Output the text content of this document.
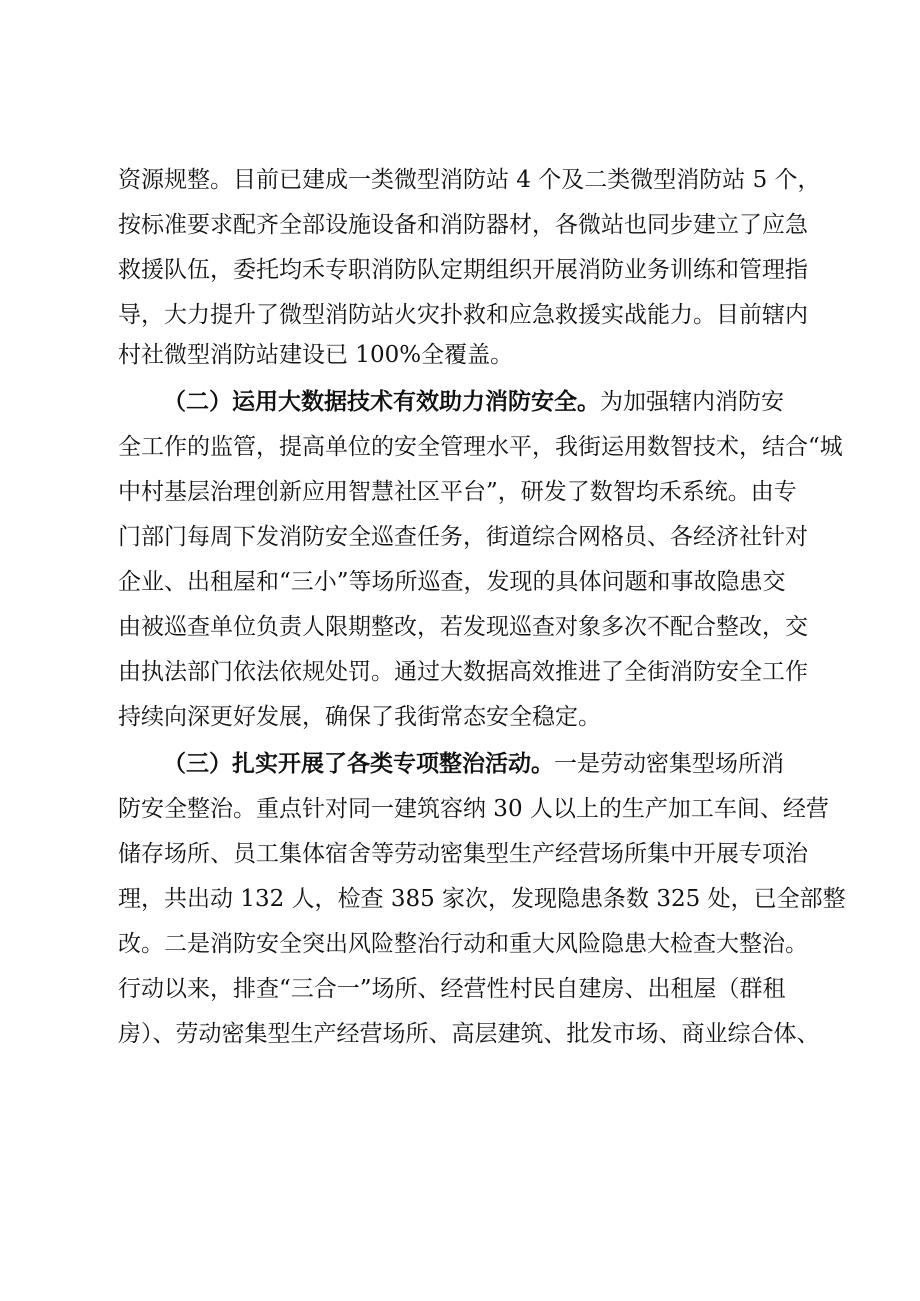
资源规整。目前已建成一类微型消防站 4 个及二类微型消防站 5 个，
按标准要求配齐全部设施设备和消防器材，各微站也同步建立了应急
救援队伍，委托均禾专职消防队定期组织开展消防业务训练和管理指
导，大力提升了微型消防站火灾扑救和应急救援实战能力。目前辖内
村社微型消防站建设已 100%全覆盖。
（二）运用大数据技术有效助力消防安全。为加强辖内消防安
全工作的监管，提高单位的安全管理水平，我街运用数智技术，结合“城
中村基层治理创新应用智慧社区平台”，研发了数智均禾系统。由专
门部门每周下发消防安全巡查任务，街道综合网格员、各经济社针对
企业、出租屋和“三小”等场所巡查，发现的具体问题和事故隐患交
由被巡查单位负责人限期整改，若发现巡查对象多次不配合整改，交
由执法部门依法依规处罚。通过大数据高效推进了全街消防安全工作
持续向深更好发展，确保了我街常态安全稳定。
（三）扎实开展了各类专项整治活动。一是劳动密集型场所消
防安全整治。重点针对同一建筑容纳 30 人以上的生产加工车间、经营
储存场所、员工集体宿舍等劳动密集型生产经营场所集中开展专项治
理，共出动 132 人，检查 385 家次，发现隐患条数 325 处，已全部整
改。二是消防安全突出风险整治行动和重大风险隐患大检查大整治。
行动以来，排查“三合一”场所、经营性村民自建房、出租屋（群租
房）、劳动密集型生产经营场所、高层建筑、批发市场、商业综合体、
